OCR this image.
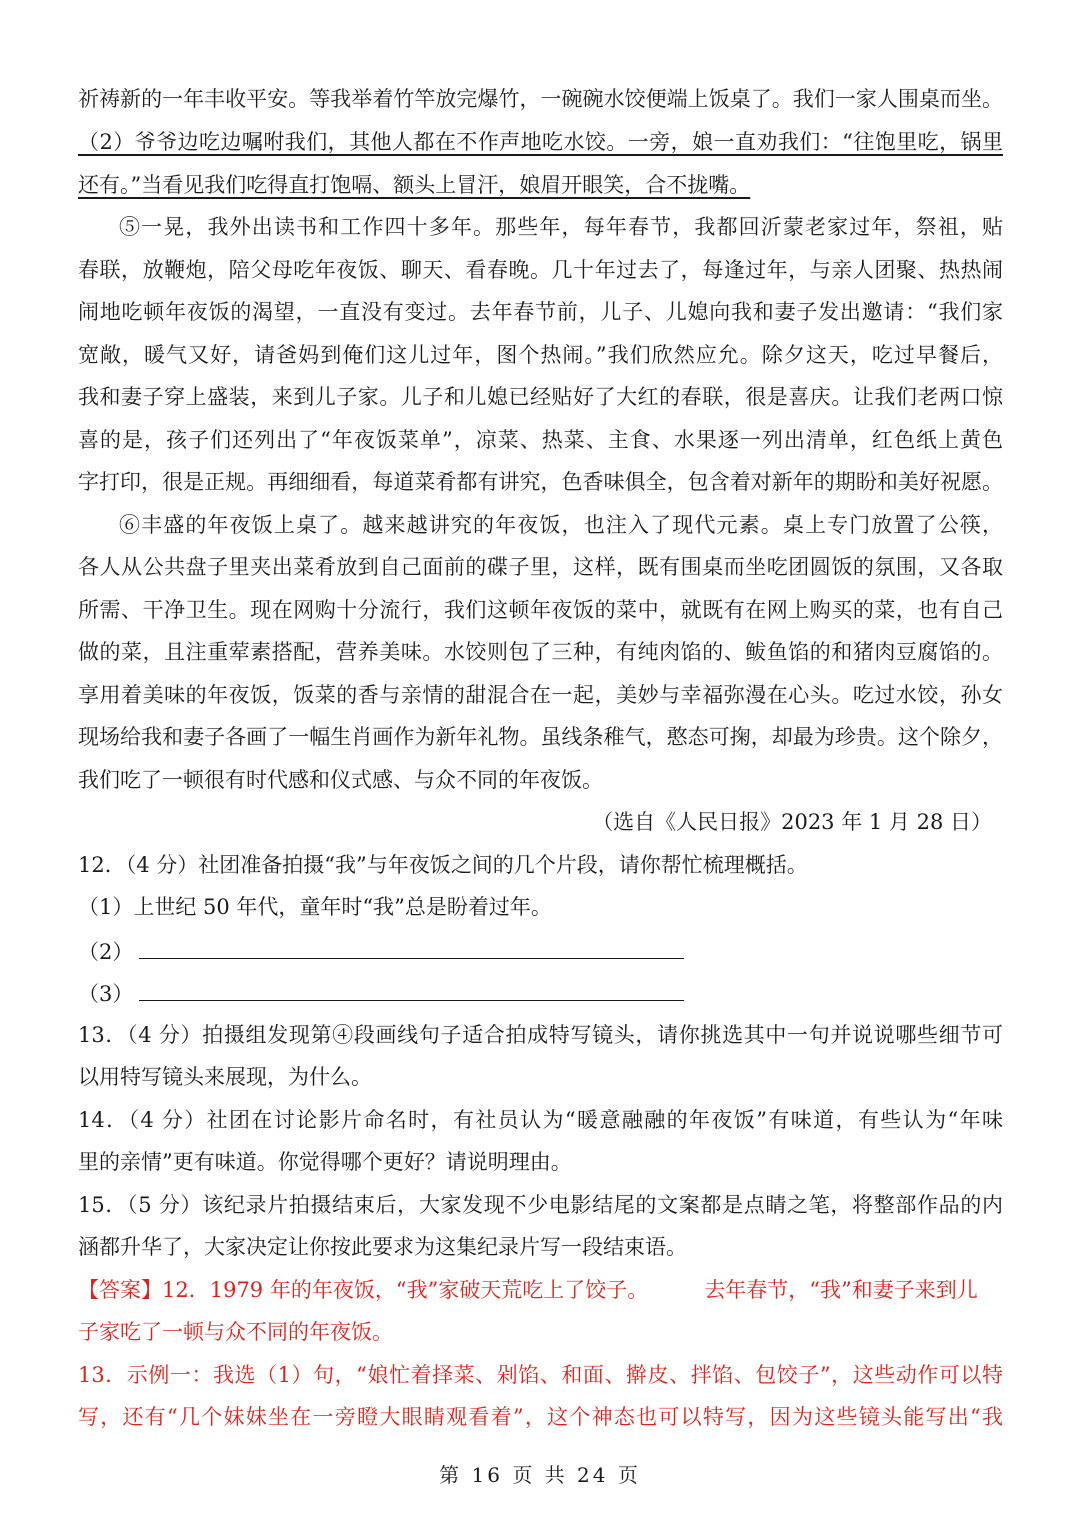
祈祷新的一年丰收平安。等我举着竹竿放完爆竹，一碗碗水饺便端上饭桌了。我们一家人围桌而坐。
（2）爷爷边吃边嘱咐我们，其他人都在不作声地吃水饺。一旁，娘一直劝我们：“往饱里吃，锅里
还有。”当看见我们吃得直打饱嗝、额头上冒汗，娘眉开眼笑，合不拢嘴。
⑤一晃，我外出读书和工作四十多年。那些年，每年春节，我都回沂蒙老家过年，祭祖，贴
春联，放鞭炮，陪父母吃年夜饭、聊天、看春晚。几十年过去了，每逢过年，与亲人团聚、热热闹
闹地吃顿年夜饭的渴望，一直没有变过。去年春节前，儿子、儿媳向我和妻子发出邀请：“我们家
宽敞，暖气又好，请爸妈到俺们这儿过年，图个热闹。”我们欣然应允。除夕这天，吃过早餐后，
我和妻子穿上盛装，来到儿子家。儿子和儿媳已经贴好了大红的春联，很是喜庆。让我们老两口惊
喜的是，孩子们还列出了“年夜饭菜单”，凉菜、热菜、主食、水果逐一列出清单，红色纸上黄色
字打印，很是正规。再细细看，每道菜肴都有讲究，色香味俱全，包含着对新年的期盼和美好祝愿。
⑥丰盛的年夜饭上桌了。越来越讲究的年夜饭，也注入了现代元素。桌上专门放置了公筷，
各人从公共盘子里夹出菜肴放到自己面前的碟子里，这样，既有围桌而坐吃团圆饭的氛围，又各取
所需、干净卫生。现在网购十分流行，我们这顿年夜饭的菜中，就既有在网上购买的菜，也有自己
做的菜，且注重荤素搭配，营养美味。水饺则包了三种，有纯肉馅的、鲅鱼馅的和猪肉豆腐馅的。
享用着美味的年夜饭，饭菜的香与亲情的甜混合在一起，美妙与幸福弥漫在心头。吃过水饺，孙女
现场给我和妻子各画了一幅生肖画作为新年礼物。虽线条稚气，憨态可掬，却最为珍贵。这个除夕，
我们吃了一顿很有时代感和仪式感、与众不同的年夜饭。
（选自《人民日报》2023 年 1 月 28 日）
12．（4 分）社团准备拍摄“我”与年夜饭之间的几个片段，请你帮忙梳理概括。
（1）上世纪 50 年代，童年时“我”总是盼着过年。
（2）
（3）
13．（4 分）拍摄组发现第④段画线句子适合拍成特写镜头，请你挑选其中一句并说说哪些细节可
以用特写镜头来展现，为什么。
14．（4 分）社团在讨论影片命名时，有社员认为“暖意融融的年夜饭”有味道，有些认为“年味
里的亲情”更有味道。你觉得哪个更好？请说明理由。
15．（5 分）该纪录片拍摄结束后，大家发现不少电影结尾的文案都是点睛之笔，将整部作品的内
涵都升华了，大家决定让你按此要求为这集纪录片写一段结束语。
【答案】12．1979 年的年夜饭，“我”家破天荒吃上了饺子。	去年春节，“我”和妻子来到儿
子家吃了一顿与众不同的年夜饭。
13．示例一：我选（1）句，“娘忙着择菜、剁馅、和面、擀皮、拌馅、包饺子”，这些动作可以特
写，还有“几个妹妹坐在一旁瞪大眼睛观看着”，这个神态也可以特写，因为这些镜头能写出“我
第 16 页 共 24 页
